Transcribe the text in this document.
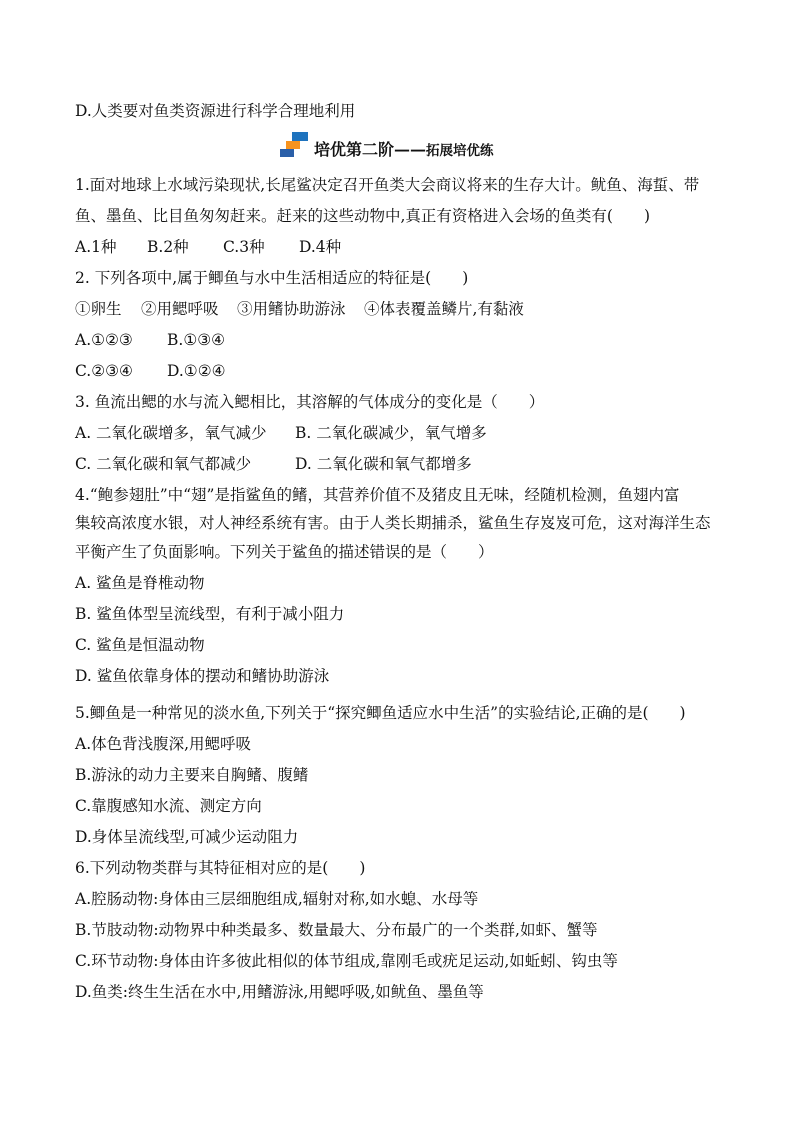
D.人类要对鱼类资源进行科学合理地利用
培优第二阶——拓展培优练
1.面对地球上水域污染现状,长尾鲨决定召开鱼类大会商议将来的生存大计。鱿鱼、海蜇、带
鱼、墨鱼、比目鱼匆匆赶来。赶来的这些动物中,真正有资格进入会场的鱼类有(　　)
A.1种 B.2种 C.3种 D.4种
2. 下列各项中,属于鲫鱼与水中生活相适应的特征是(　　)
①卵生 ②用鳃呼吸 ③用鳍协助游泳 ④体表覆盖鳞片,有黏液
A.①②③ B.①③④
C.②③④ D.①②④
3. 鱼流出鳃的水与流入鳃相比，其溶解的气体成分的变化是（　　）
A. 二氧化碳增多，氧气减少 B. 二氧化碳减少，氧气增多
C. 二氧化碳和氧气都减少	D. 二氧化碳和氧气都增多
4.“鲍参翅肚”中“翅”是指鲨鱼的鳍，其营养价值不及猪皮且无味，经随机检测，鱼翅内富
集较高浓度水银，对人神经系统有害。由于人类长期捕杀，鲨鱼生存岌岌可危，这对海洋生态
平衡产生了负面影响。下列关于鲨鱼的描述错误的是（　　）
A. 鲨鱼是脊椎动物
B. 鲨鱼体型呈流线型，有利于减小阻力
C. 鲨鱼是恒温动物
D. 鲨鱼依靠身体的摆动和鳍协助游泳
5.鲫鱼是一种常见的淡水鱼,下列关于“探究鲫鱼适应水中生活”的实验结论,正确的是(　　)
A.体色背浅腹深,用鳃呼吸
B.游泳的动力主要来自胸鳍、腹鳍
C.靠腹感知水流、测定方向
D.身体呈流线型,可减少运动阻力
6.下列动物类群与其特征相对应的是(　　)
A.腔肠动物:身体由三层细胞组成,辐射对称,如水螅、水母等
B.节肢动物:动物界中种类最多、数量最大、分布最广的一个类群,如虾、蟹等
C.环节动物:身体由许多彼此相似的体节组成,靠刚毛或疣足运动,如蚯蚓、钩虫等
D.鱼类:终生生活在水中,用鳍游泳,用鳃呼吸,如鱿鱼、墨鱼等
